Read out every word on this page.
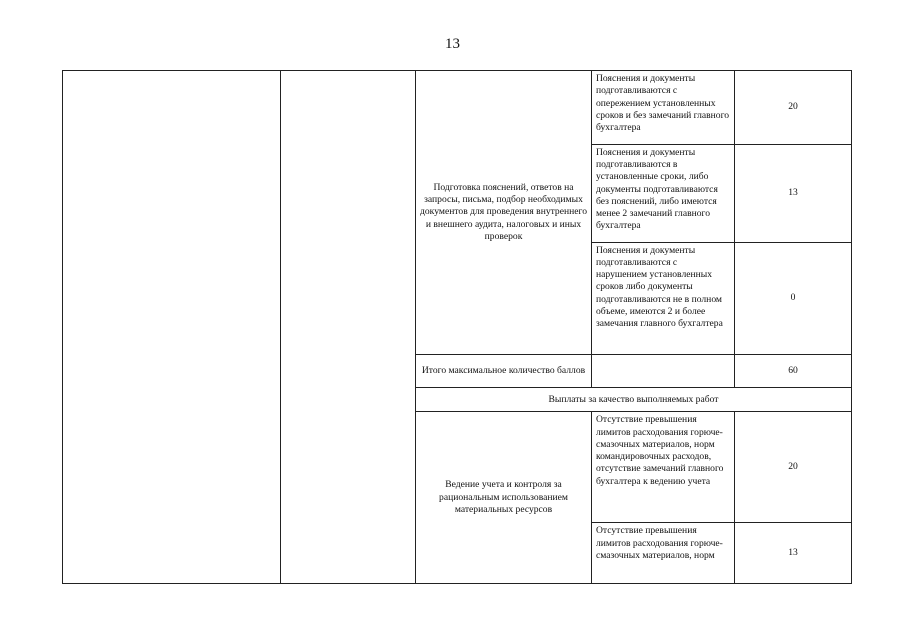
13
		Подготовка пояснений, ответов на запросы, письма, подбор необходимых документов для проведения внутреннего и внешнего аудита, налоговых и иных проверок	Пояснения и документы подготавливаются с опережением установленных сроков и без замечаний главного бухгалтера	20
			Пояснения и документы подготавливаются в установленные сроки, либо документы подготавливаются без пояснений, либо имеются менее 2 замечаний главного бухгалтера	13
			Пояснения и документы подготавливаются с нарушением установленных сроков либо документы подготавливаются не в полном объеме, имеются 2 и более замечания главного бухгалтера	0
		Итого максимальное количество баллов		60
		Выплаты за качество выполняемых работ		
		Ведение учета и контроля за рациональным использованием материальных ресурсов	Отсутствие превышения лимитов расходования горюче-смазочных материалов, норм командировочных расходов, отсутствие замечаний главного бухгалтера к ведению учета	20
			Отсутствие превышения лимитов расходования горюче-смазочных материалов, норм	13
